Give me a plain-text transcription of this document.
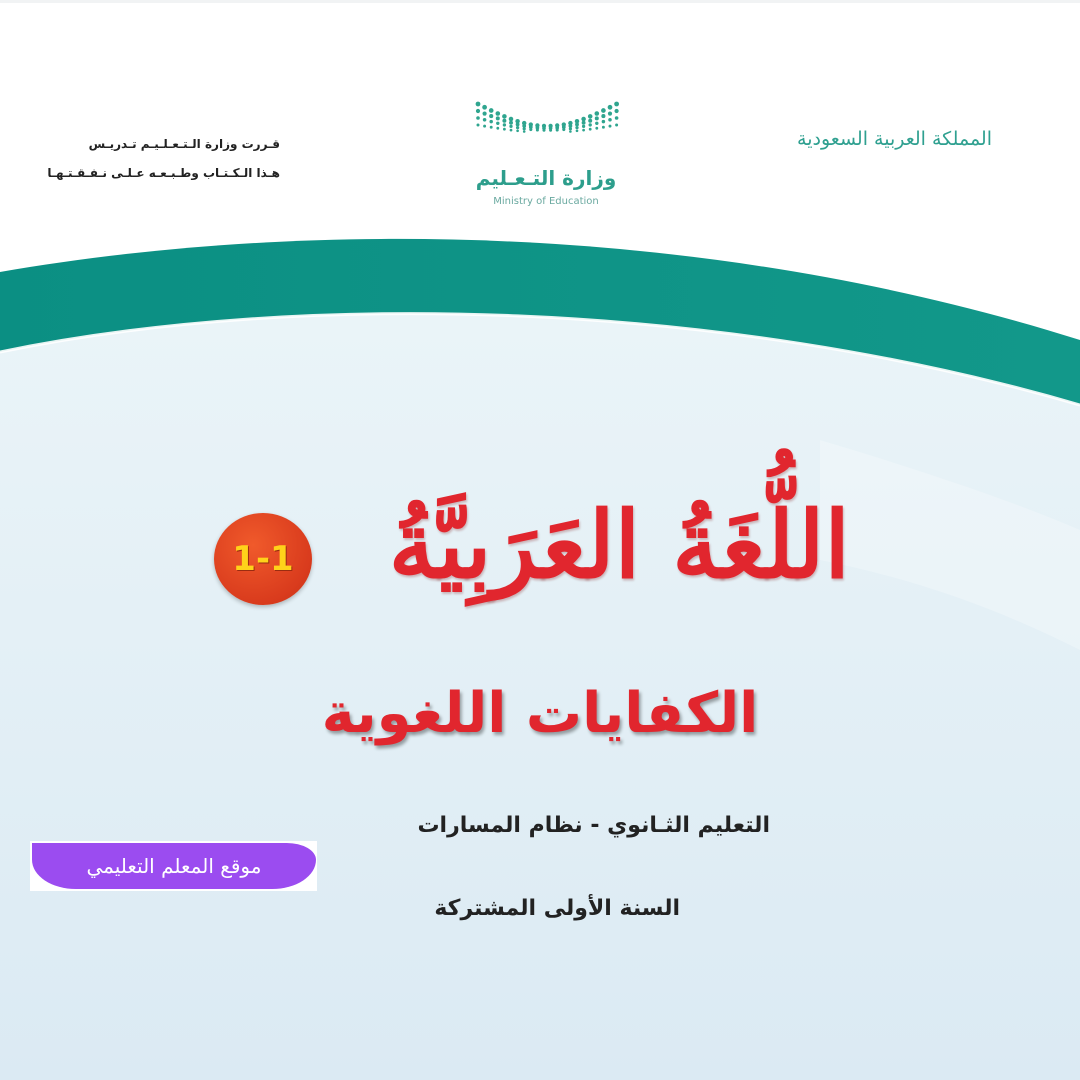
قـررت وزارة الـتـعـلـيـم تـدريـس
هـذا الـكـتـاب وطـبـعـه عـلـى نـفـقـتـهـا	وزارة التـعـليم
Ministry of Education
المملكة العربية السعودية
اللُّغَةُ العَرَبِيَّةُ
1-1
الكفايات اللغوية
التعليم الثـانوي - نظام المسارات
السنة الأولى المشتركة
موقع المعلم التعليمي
